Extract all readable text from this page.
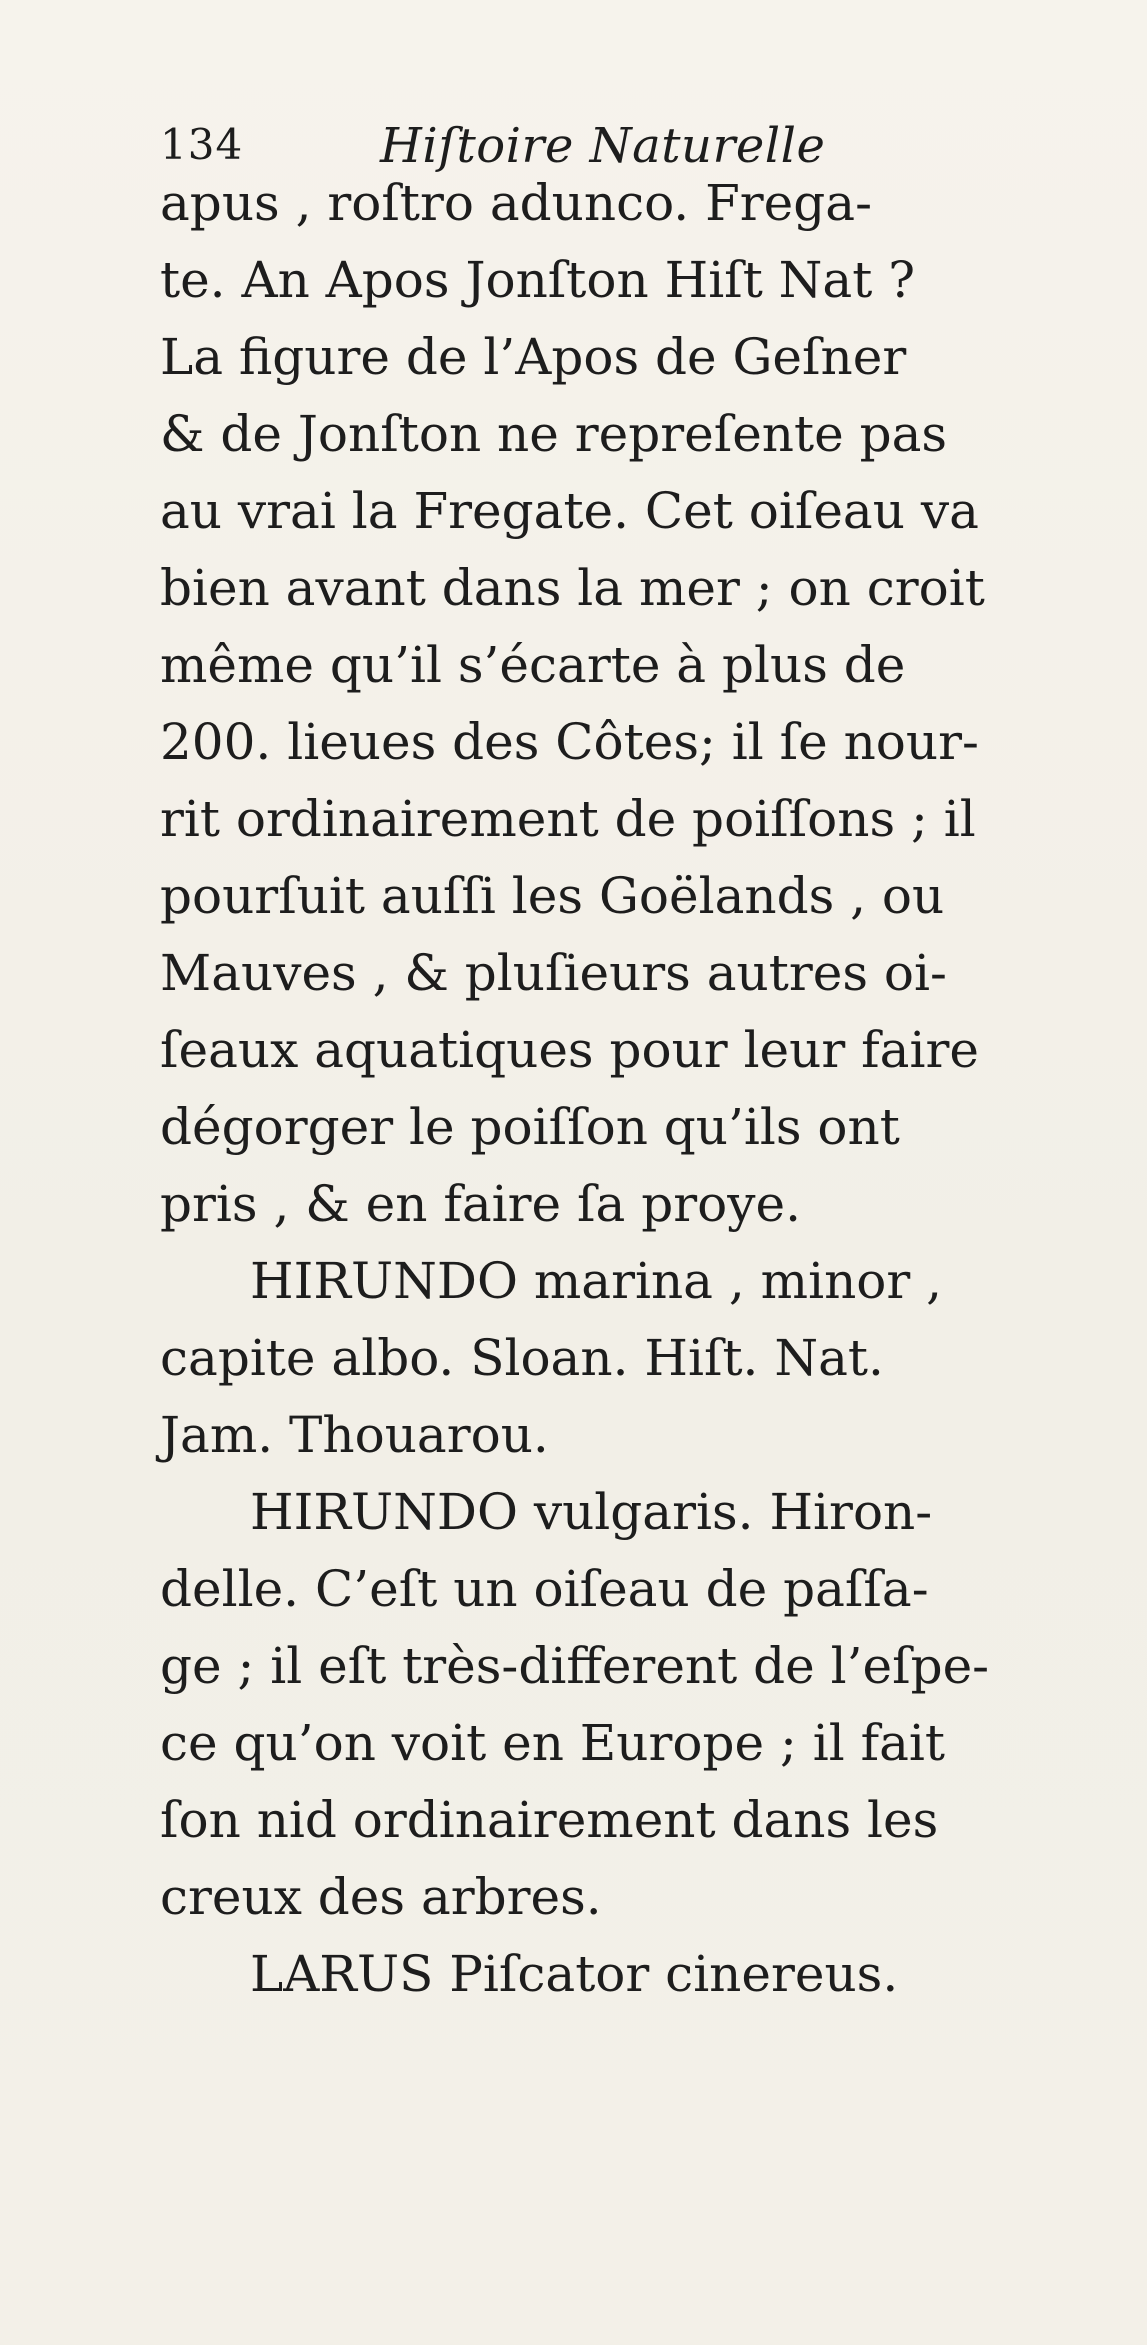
134	Hiſtoire Naturelle
apus , roſtro adunco. Frega-
te. An Apos Jonſton Hiſt Nat ?
La figure de l’Apos de Geſner
& de Jonſton ne repreſente pas
au vrai la Fregate. Cet oiſeau va
bien avant dans la mer ; on croit
même qu’il s’écarte à plus de
200. lieues des Côtes; il ſe nour-
rit ordinairement de poiſſons ; il
pourſuit auſſi les Goëlands , ou
Mauves , & pluſieurs autres oi-
ſeaux aquatiques pour leur faire
dégorger le poiſſon qu’ils ont
pris , & en faire ſa proye.
HIRUNDO marina , minor ,
capite albo. Sloan. Hiſt. Nat.
Jam. Thouarou.
HIRUNDO vulgaris. Hiron-
delle. C’eſt un oiſeau de paſſa-
ge ; il eſt très-different de l’eſpe-
ce qu’on voit en Europe ; il fait
ſon nid ordinairement dans les
creux des arbres.
LARUS Piſcator cinereus.
